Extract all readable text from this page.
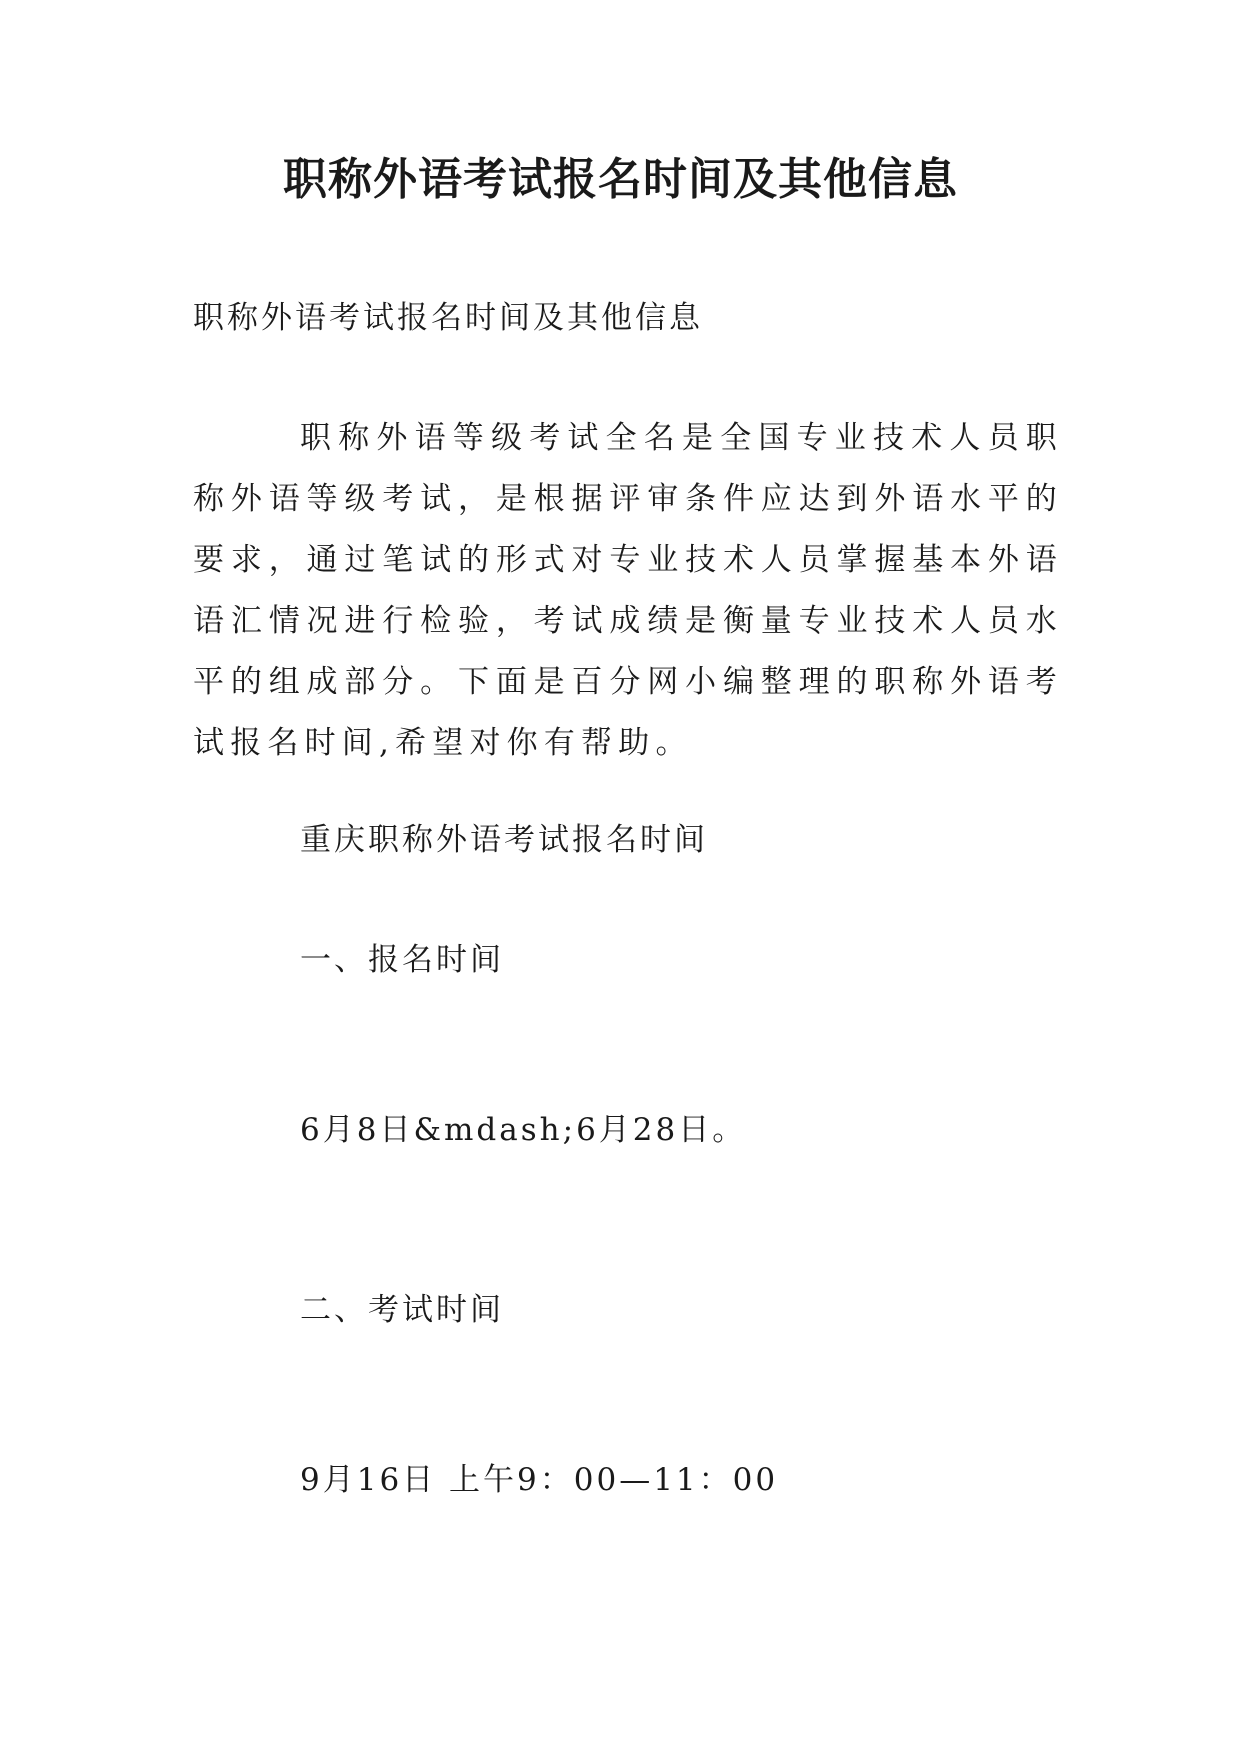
职称外语考试报名时间及其他信息

职称外语考试报名时间及其他信息

职称外语等级考试全名是全国专业技术人员职称外语等级考试，是根据评审条件应达到外语水平的要求，通过笔试的形式对专业技术人员掌握基本外语语汇情况进行检验，考试成绩是衡量专业技术人员水平的组成部分。下面是百分网小编整理的职称外语考试报名时间,希望对你有帮助。

重庆职称外语考试报名时间

一、报名时间

6月8日&mdash;6月28日。

二、考试时间

9月16日 上午9：00—11：00
